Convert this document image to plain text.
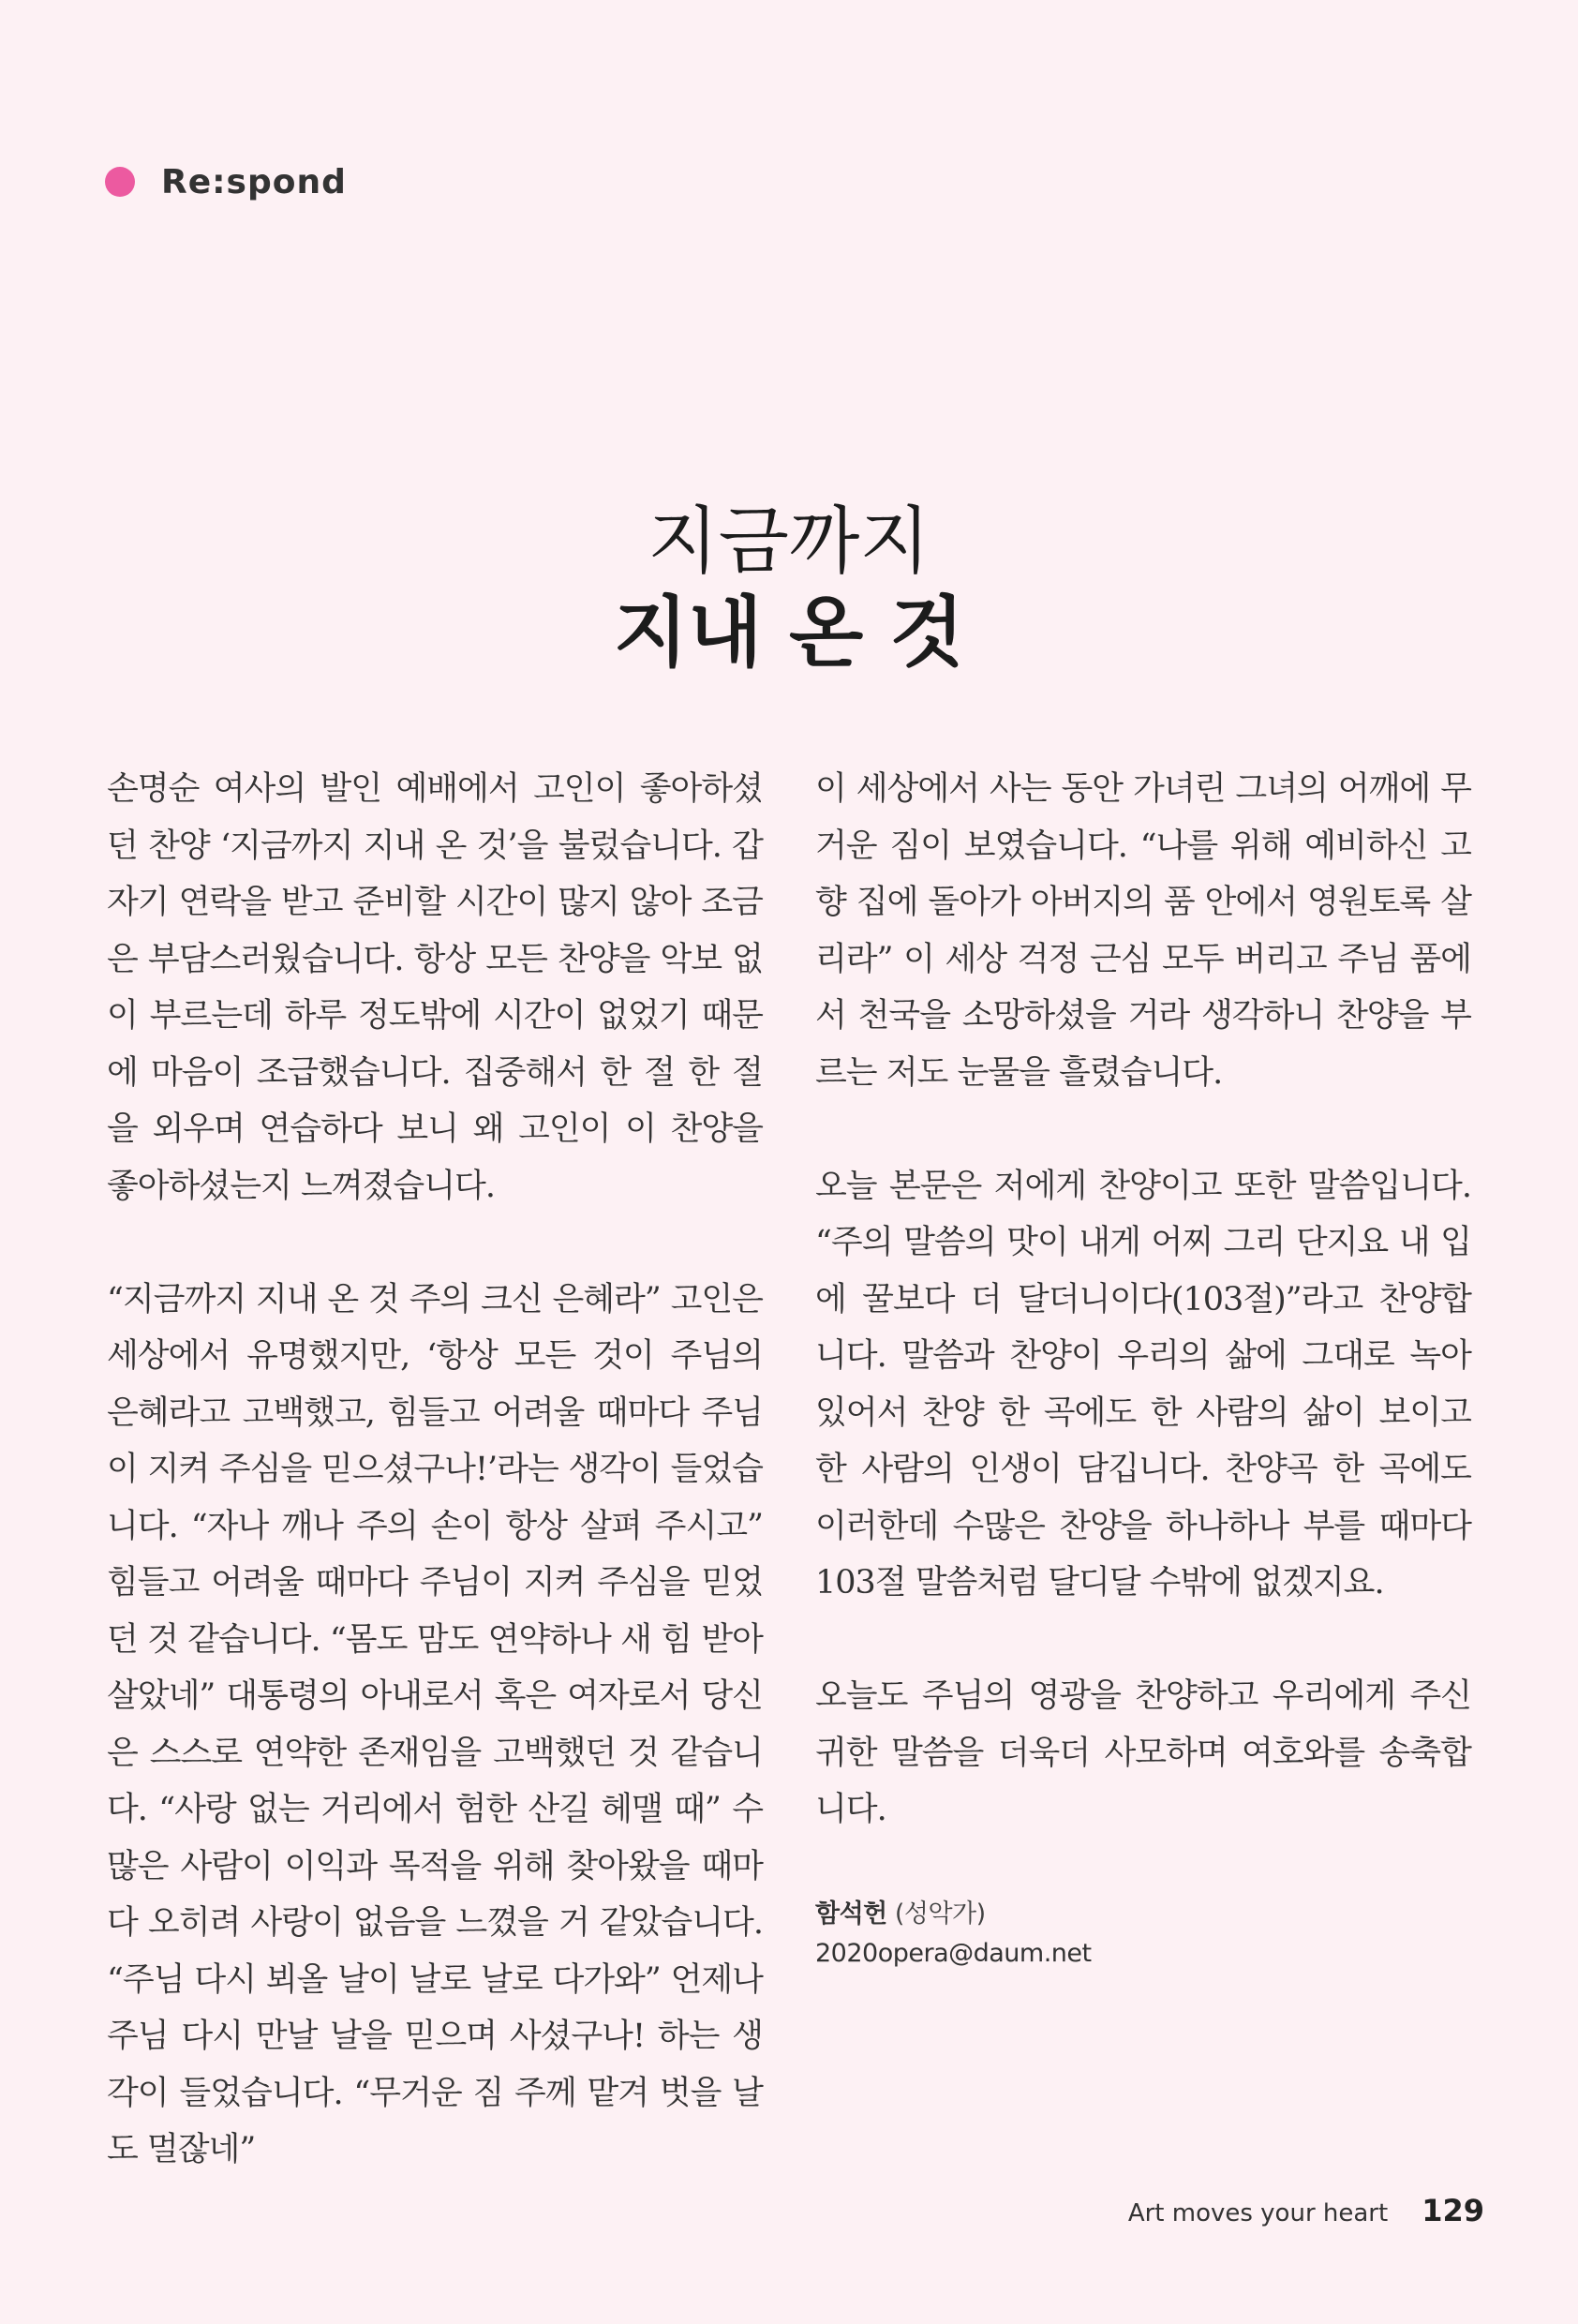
Re:spond
지금까지
지내 온 것

손명순 여사의 발인 예배에서 고인이 좋아하셨던 찬양 ‘지금까지 지내 온 것’을 불렀습니다. 갑자기 연락을 받고 준비할 시간이 많지 않아 조금은 부담스러웠습니다. 항상 모든 찬양을 악보 없이 부르는데 하루 정도밖에 시간이 없었기 때문에 마음이 조급했습니다. 집중해서 한 절 한 절을 외우며 연습하다 보니 왜 고인이 이 찬양을 좋아하셨는지 느껴졌습니다.

“지금까지 지내 온 것 주의 크신 은혜라” 고인은 세상에서 유명했지만, ‘항상 모든 것이 주님의 은혜라고 고백했고, 힘들고 어려울 때마다 주님이 지켜 주심을 믿으셨구나!’라는 생각이 들었습니다. “자나 깨나 주의 손이 항상 살펴 주시고” 힘들고 어려울 때마다 주님이 지켜 주심을 믿었던 것 같습니다. “몸도 맘도 연약하나 새 힘 받아 살았네” 대통령의 아내로서 혹은 여자로서 당신은 스스로 연약한 존재임을 고백했던 것 같습니다. “사랑 없는 거리에서 험한 산길 헤맬 때” 수많은 사람이 이익과 목적을 위해 찾아왔을 때마다 오히려 사랑이 없음을 느꼈을 거 같았습니다. “주님 다시 뵈올 날이 날로 날로 다가와” 언제나 주님 다시 만날 날을 믿으며 사셨구나! 하는 생각이 들었습니다. “무거운 짐 주께 맡겨 벗을 날도 멀잖네”

이 세상에서 사는 동안 가녀린 그녀의 어깨에 무거운 짐이 보였습니다. “나를 위해 예비하신 고향 집에 돌아가 아버지의 품 안에서 영원토록 살리라” 이 세상 걱정 근심 모두 버리고 주님 품에서 천국을 소망하셨을 거라 생각하니 찬양을 부르는 저도 눈물을 흘렸습니다.

오늘 본문은 저에게 찬양이고 또한 말씀입니다. “주의 말씀의 맛이 내게 어찌 그리 단지요 내 입에 꿀보다 더 달더니이다(103절)”라고 찬양합니다. 말씀과 찬양이 우리의 삶에 그대로 녹아 있어서 찬양 한 곡에도 한 사람의 삶이 보이고 한 사람의 인생이 담깁니다. 찬양곡 한 곡에도 이러한데 수많은 찬양을 하나하나 부를 때마다 103절 말씀처럼 달디달 수밖에 없겠지요.

오늘도 주님의 영광을 찬양하고 우리에게 주신 귀한 말씀을 더욱더 사모하며 여호와를 송축합니다.

함석헌 (성악가)
2020opera@daum.net
Art moves your heart 129
